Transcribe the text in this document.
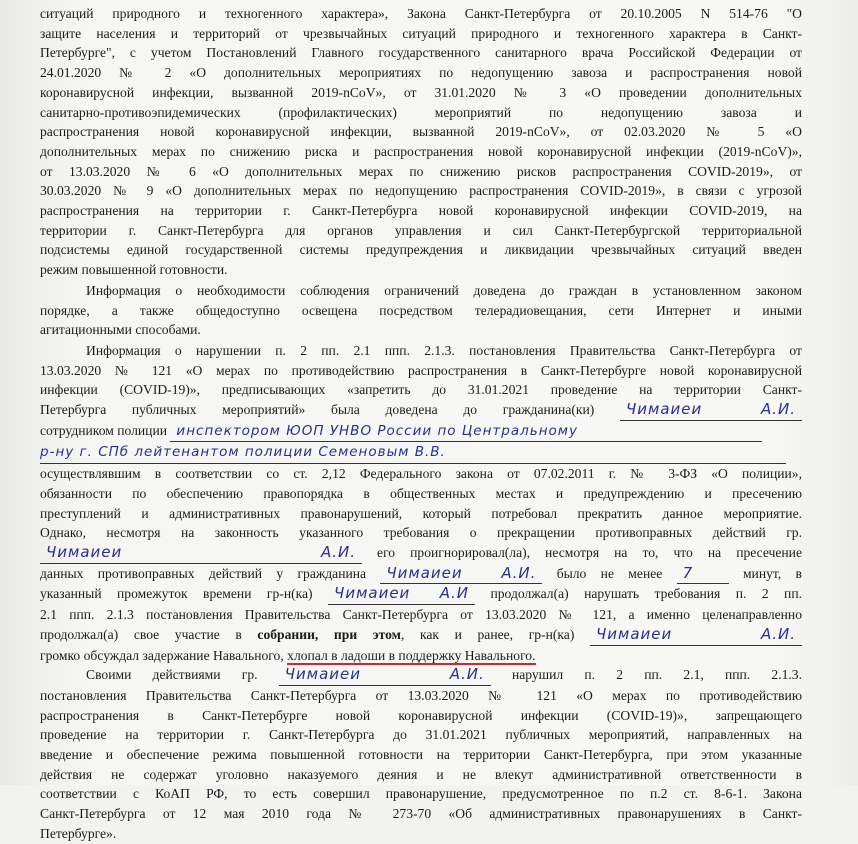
ситуаций природного и техногенного характера», Закона Санкт-Петербурга от 20.10.2005 N 514-76 "О
защите населения и территорий от чрезвычайных ситуаций природного и техногенного характера в Санкт-
Петербурге", с учетом Постановлений Главного государственного санитарного врача Российской Федерации от
24.01.2020 № 2 «О дополнительных мероприятиях по недопущению завоза и распространения новой
коронавирусной инфекции, вызванной 2019-nCoV», от 31.01.2020 № 3 «О проведении дополнительных
санитарно-противоэпидемических (профилактических) мероприятий по недопущению завоза и
распространения новой коронавирусной инфекции, вызванной 2019-nCoV», от 02.03.2020 № 5 «О
дополнительных мерах по снижению риска и распространения новой коронавирусной инфекции (2019-nCoV)»,
от 13.03.2020 № 6 «О дополнительных мерах по снижению рисков распространения COVID-2019», от
30.03.2020 № 9 «О дополнительных мерах по недопущению распространения COVID-2019», в связи с угрозой
распространения на территории г. Санкт-Петербурга новой коронавирусной инфекции COVID-2019, на
территории г. Санкт-Петербурга для органов управления и сил Санкт-Петербургской территориальной
подсистемы единой государственной системы предупреждения и ликвидации чрезвычайных ситуаций введен
режим повышенной готовности.
Информация о необходимости соблюдения ограничений доведена до граждан в установленном законом
порядке, а также общедоступно освещена посредством телерадиовещания, сети Интернет и иными
агитационными способами.
Информация о нарушении п. 2 пп. 2.1 ппп. 2.1.3. постановления Правительства Санкт-Петербурга от
13.03.2020 № 121 «О мерах по противодействию распространения в Санкт-Петербурге новой коронавирусной
инфекции (COVID-19)», предписывающих «запретить до 31.01.2021 проведение на территории Санкт-
Петербурга публичных мероприятий» была доведена до гражданина(ки) Чимаиеи А.И.
сотрудником полиции инспектором ЮОП УНВО России по Центральному
р-ну г. СПб лейтенантом полиции Семеновым В.В.
осуществлявшим в соответствии со ст. 2,12 Федерального закона от 07.02.2011 г. № 3-ФЗ «О полиции»,
обязанности по обеспечению правопорядка в общественных местах и предупреждению и пресечению
преступлений и административных правонарушений, который потребовал прекратить данное мероприятие.
Однако, несмотря на законность указанного требования о прекращении противоправных действий гр.
Чимаиеи А.И. его проигнорировал(ла), несмотря на то, что на пресечение
данных противоправных действий у гражданина Чимаиеи А.И. было не менее 7	минут, в
указанный промежуток времени гр-н(ка) Чимаиеи А.И продолжал(а) нарушать требования п. 2 пп.
2.1 ппп. 2.1.3 постановления Правительства Санкт-Петербурга от 13.03.2020 № 121, а именно целенаправленно
продолжал(а) свое участие в собрании, при этом, как и ранее, гр-н(ка) Чимаиеи А.И.
громко обсуждал задержание Навального, хлопал в ладоши в поддержку Навального.
Своими действиями гр. Чимаиеи А.И. нарушил п. 2 пп. 2.1, ппп. 2.1.3.
постановления Правительства Санкт-Петербурга от 13.03.2020 № 121 «О мерах по противодействию
распространения в Санкт-Петербурге новой коронавирусной инфекции (COVID-19)», запрещающего
проведение на территории г. Санкт-Петербурга до 31.01.2021 публичных мероприятий, направленных на
введение и обеспечение режима повышенной готовности на территории Санкт-Петербурга, при этом указанные
действия не содержат уголовно наказуемого деяния и не влекут административной ответственности в
соответствии с КоАП РФ, то есть совершил правонарушение, предусмотренное по п.2 ст. 8-6-1. Закона
Санкт-Петербурга от 12 мая 2010 года № 273-70 «Об административных правонарушениях в Санкт-
Петербурге».
